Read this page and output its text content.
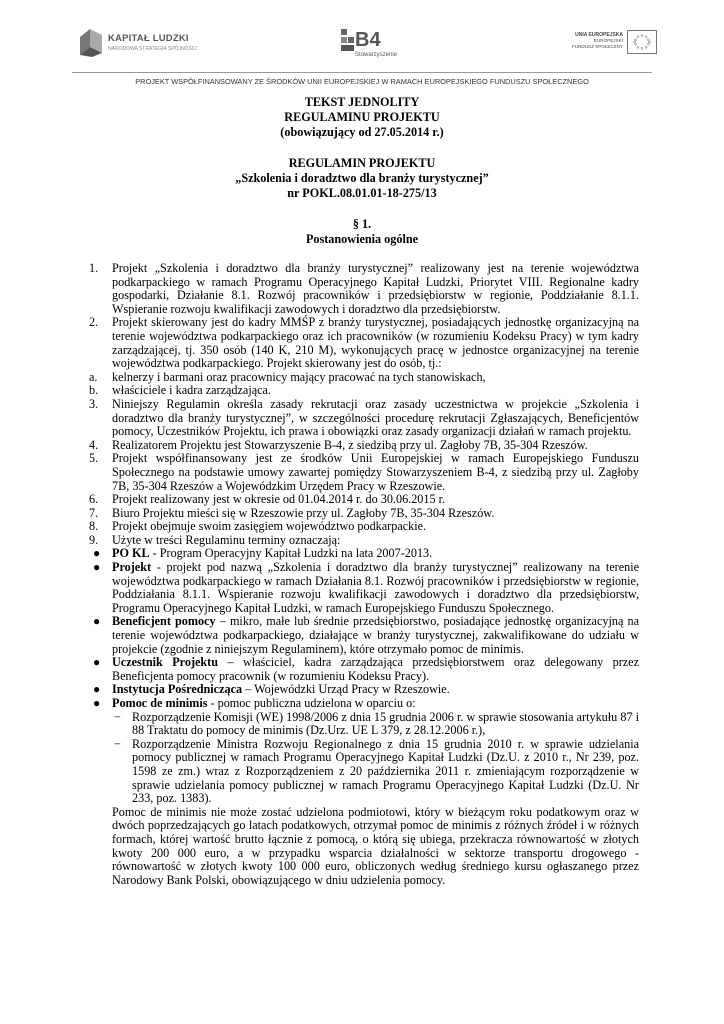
KAPITAŁ LUDZKI
NARODOWA STRATEGIA SPÓJNOŚCI	B4
Stowarzyszenie
UNIA EUROPEJSKA
EUROPEJSKI
FUNDUSZ SPOŁECZNY
PROJEKT WSPÓŁFINANSOWANY ZE ŚRODKÓW UNII EUROPEJSKIEJ W RAMACH EUROPEJSKIEGO FUNDUSZU SPOŁECZNEGO

TEKST JEDNOLITY

REGULAMINU PROJEKTU

(obowiązujący od 27.05.2014 r.)

REGULAMIN PROJEKTU

„Szkolenia i doradztwo dla branży turystycznej”

nr POKL.08.01.01-18-275/13

§ 1.

Postanowienia ogólne

1. Projekt „Szkolenia i doradztwo dla branży turystycznej” realizowany jest na terenie województwa podkarpackiego w ramach Programu Operacyjnego Kapitał Ludzki, Priorytet VIII. Regionalne kadry gospodarki, Działanie 8.1. Rozwój pracowników i przedsiębiorstw w regionie, Poddziałanie 8.1.1. Wspieranie rozwoju kwalifikacji zawodowych i doradztwo dla przedsiębiorstw.
2. Projekt skierowany jest do kadry MMŚP z branży turystycznej, posiadających jednostkę organizacyjną na terenie województwa podkarpackiego oraz ich pracowników (w rozumieniu Kodeksu Pracy) w tym kadry zarządzającej, tj. 350 osób (140 K, 210 M), wykonujących pracę w jednostce organizacyjnej na terenie województwa podkarpackiego. Projekt skierowany jest do osób, tj.:
a. kelnerzy i barmani oraz pracownicy mający pracować na tych stanowiskach,
b. właściciele i kadra zarządzająca.
3. Niniejszy Regulamin określa zasady rekrutacji oraz zasady uczestnictwa w projekcie „Szkolenia i doradztwo dla branży turystycznej”, w szczególności procedurę rekrutacji Zgłaszających, Beneficjentów pomocy, Uczestników Projektu, ich prawa i obowiązki oraz zasady organizacji działań w ramach projektu.
4. Realizatorem Projektu jest Stowarzyszenie B-4, z siedzibą przy ul. Zagłoby 7B, 35-304 Rzeszów.
5. Projekt współfinansowany jest ze środków Unii Europejskiej w ramach Europejskiego Funduszu Społecznego na podstawie umowy zawartej pomiędzy Stowarzyszeniem B-4, z siedzibą przy ul. Zagłoby 7B, 35-304 Rzeszów a Wojewódzkim Urzędem Pracy w Rzeszowie.
6. Projekt realizowany jest w okresie od 01.04.2014 r. do 30.06.2015 r.
7. Biuro Projektu mieści się w Rzeszowie przy ul. Zagłoby 7B, 35-304 Rzeszów.
8. Projekt obejmuje swoim zasięgiem województwo podkarpackie.
9. Użyte w treści Regulaminu terminy oznaczają:
● PO KL - Program Operacyjny Kapitał Ludzki na lata 2007-2013.
● Projekt - projekt pod nazwą „Szkolenia i doradztwo dla branży turystycznej” realizowany na terenie województwa podkarpackiego w ramach Działania 8.1. Rozwój pracowników i przedsiębiorstw w regionie, Poddziałania 8.1.1. Wspieranie rozwoju kwalifikacji zawodowych i doradztwo dla przedsiębiorstw, Programu Operacyjnego Kapitał Ludzki, w ramach Europejskiego Funduszu Społecznego.
● Beneficjent pomocy – mikro, małe lub średnie przedsiębiorstwo, posiadające jednostkę organizacyjną na terenie województwa podkarpackiego, działające w branży turystycznej, zakwalifikowane do udziału w projekcie (zgodnie z niniejszym Regulaminem), które otrzymało pomoc de minimis.
● Uczestnik Projektu – właściciel, kadra zarządzająca przedsiębiorstwem oraz delegowany przez Beneficjenta pomocy pracownik (w rozumieniu Kodeksu Pracy).
● Instytucja Pośrednicząca – Wojewódzki Urząd Pracy w Rzeszowie.
● Pomoc de minimis - pomoc publiczna udzielona w oparciu o:
− Rozporządzenie Komisji (WE) 1998/2006 z dnia 15 grudnia 2006 r. w sprawie stosowania artykułu 87 i 88 Traktatu do pomocy de minimis (Dz.Urz. UE L 379, z 28.12.2006 r.),
− Rozporządzenie Ministra Rozwoju Regionalnego z dnia 15 grudnia 2010 r. w sprawie udzielania pomocy publicznej w ramach Programu Operacyjnego Kapitał Ludzki (Dz.U. z 2010 r., Nr 239, poz. 1598 ze zm.) wraz z Rozporządzeniem z 20 października 2011 r. zmieniającym rozporządzenie w sprawie udzielania pomocy publicznej w ramach Programu Operacyjnego Kapitał Ludzki (Dz.U. Nr 233, poz. 1383).
Pomoc de minimis nie może zostać udzielona podmiotowi, który w bieżącym roku podatkowym oraz w dwóch poprzedzających go latach podatkowych, otrzymał pomoc de minimis z różnych źródeł i w różnych formach, której wartość brutto łącznie z pomocą, o którą się ubiega, przekracza równowartość w złotych kwoty 200 000 euro, a w przypadku wsparcia działalności w sektorze transportu drogowego - równowartość w złotych kwoty 100 000 euro, obliczonych według średniego kursu ogłaszanego przez Narodowy Bank Polski, obowiązującego w dniu udzielenia pomocy.
